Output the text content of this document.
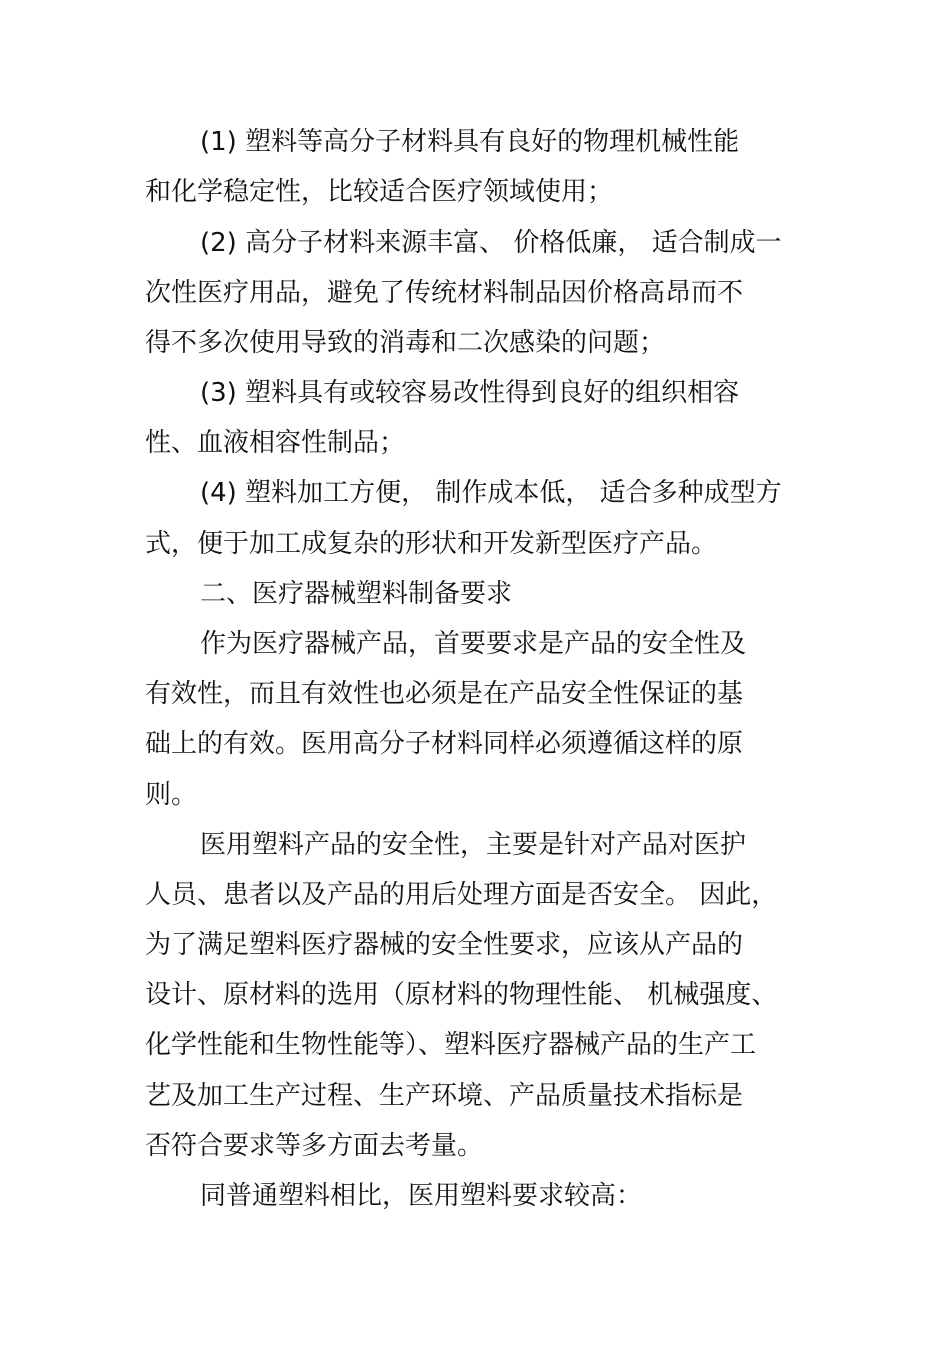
(1) 塑料等高分子材料具有良好的物理机械性能
和化学稳定性，比较适合医疗领域使用；
(2) 高分子材料来源丰富、 价格低廉， 适合制成一
次性医疗用品，避免了传统材料制品因价格高昂而不
得不多次使用导致的消毒和二次感染的问题；
(3) 塑料具有或较容易改性得到良好的组织相容
性、血液相容性制品；
(4) 塑料加工方便， 制作成本低， 适合多种成型方
式，便于加工成复杂的形状和开发新型医疗产品。
二、医疗器械塑料制备要求
作为医疗器械产品，首要要求是产品的安全性及
有效性，而且有效性也必须是在产品安全性保证的基
础上的有效。医用高分子材料同样必须遵循这样的原
则。
医用塑料产品的安全性，主要是针对产品对医护
人员、患者以及产品的用后处理方面是否安全。 因此，
为了满足塑料医疗器械的安全性要求，应该从产品的
设计、原材料的选用（原材料的物理性能、 机械强度、
化学性能和生物性能等）、塑料医疗器械产品的生产工
艺及加工生产过程、生产环境、产品质量技术指标是
否符合要求等多方面去考量。
同普通塑料相比，医用塑料要求较高：
